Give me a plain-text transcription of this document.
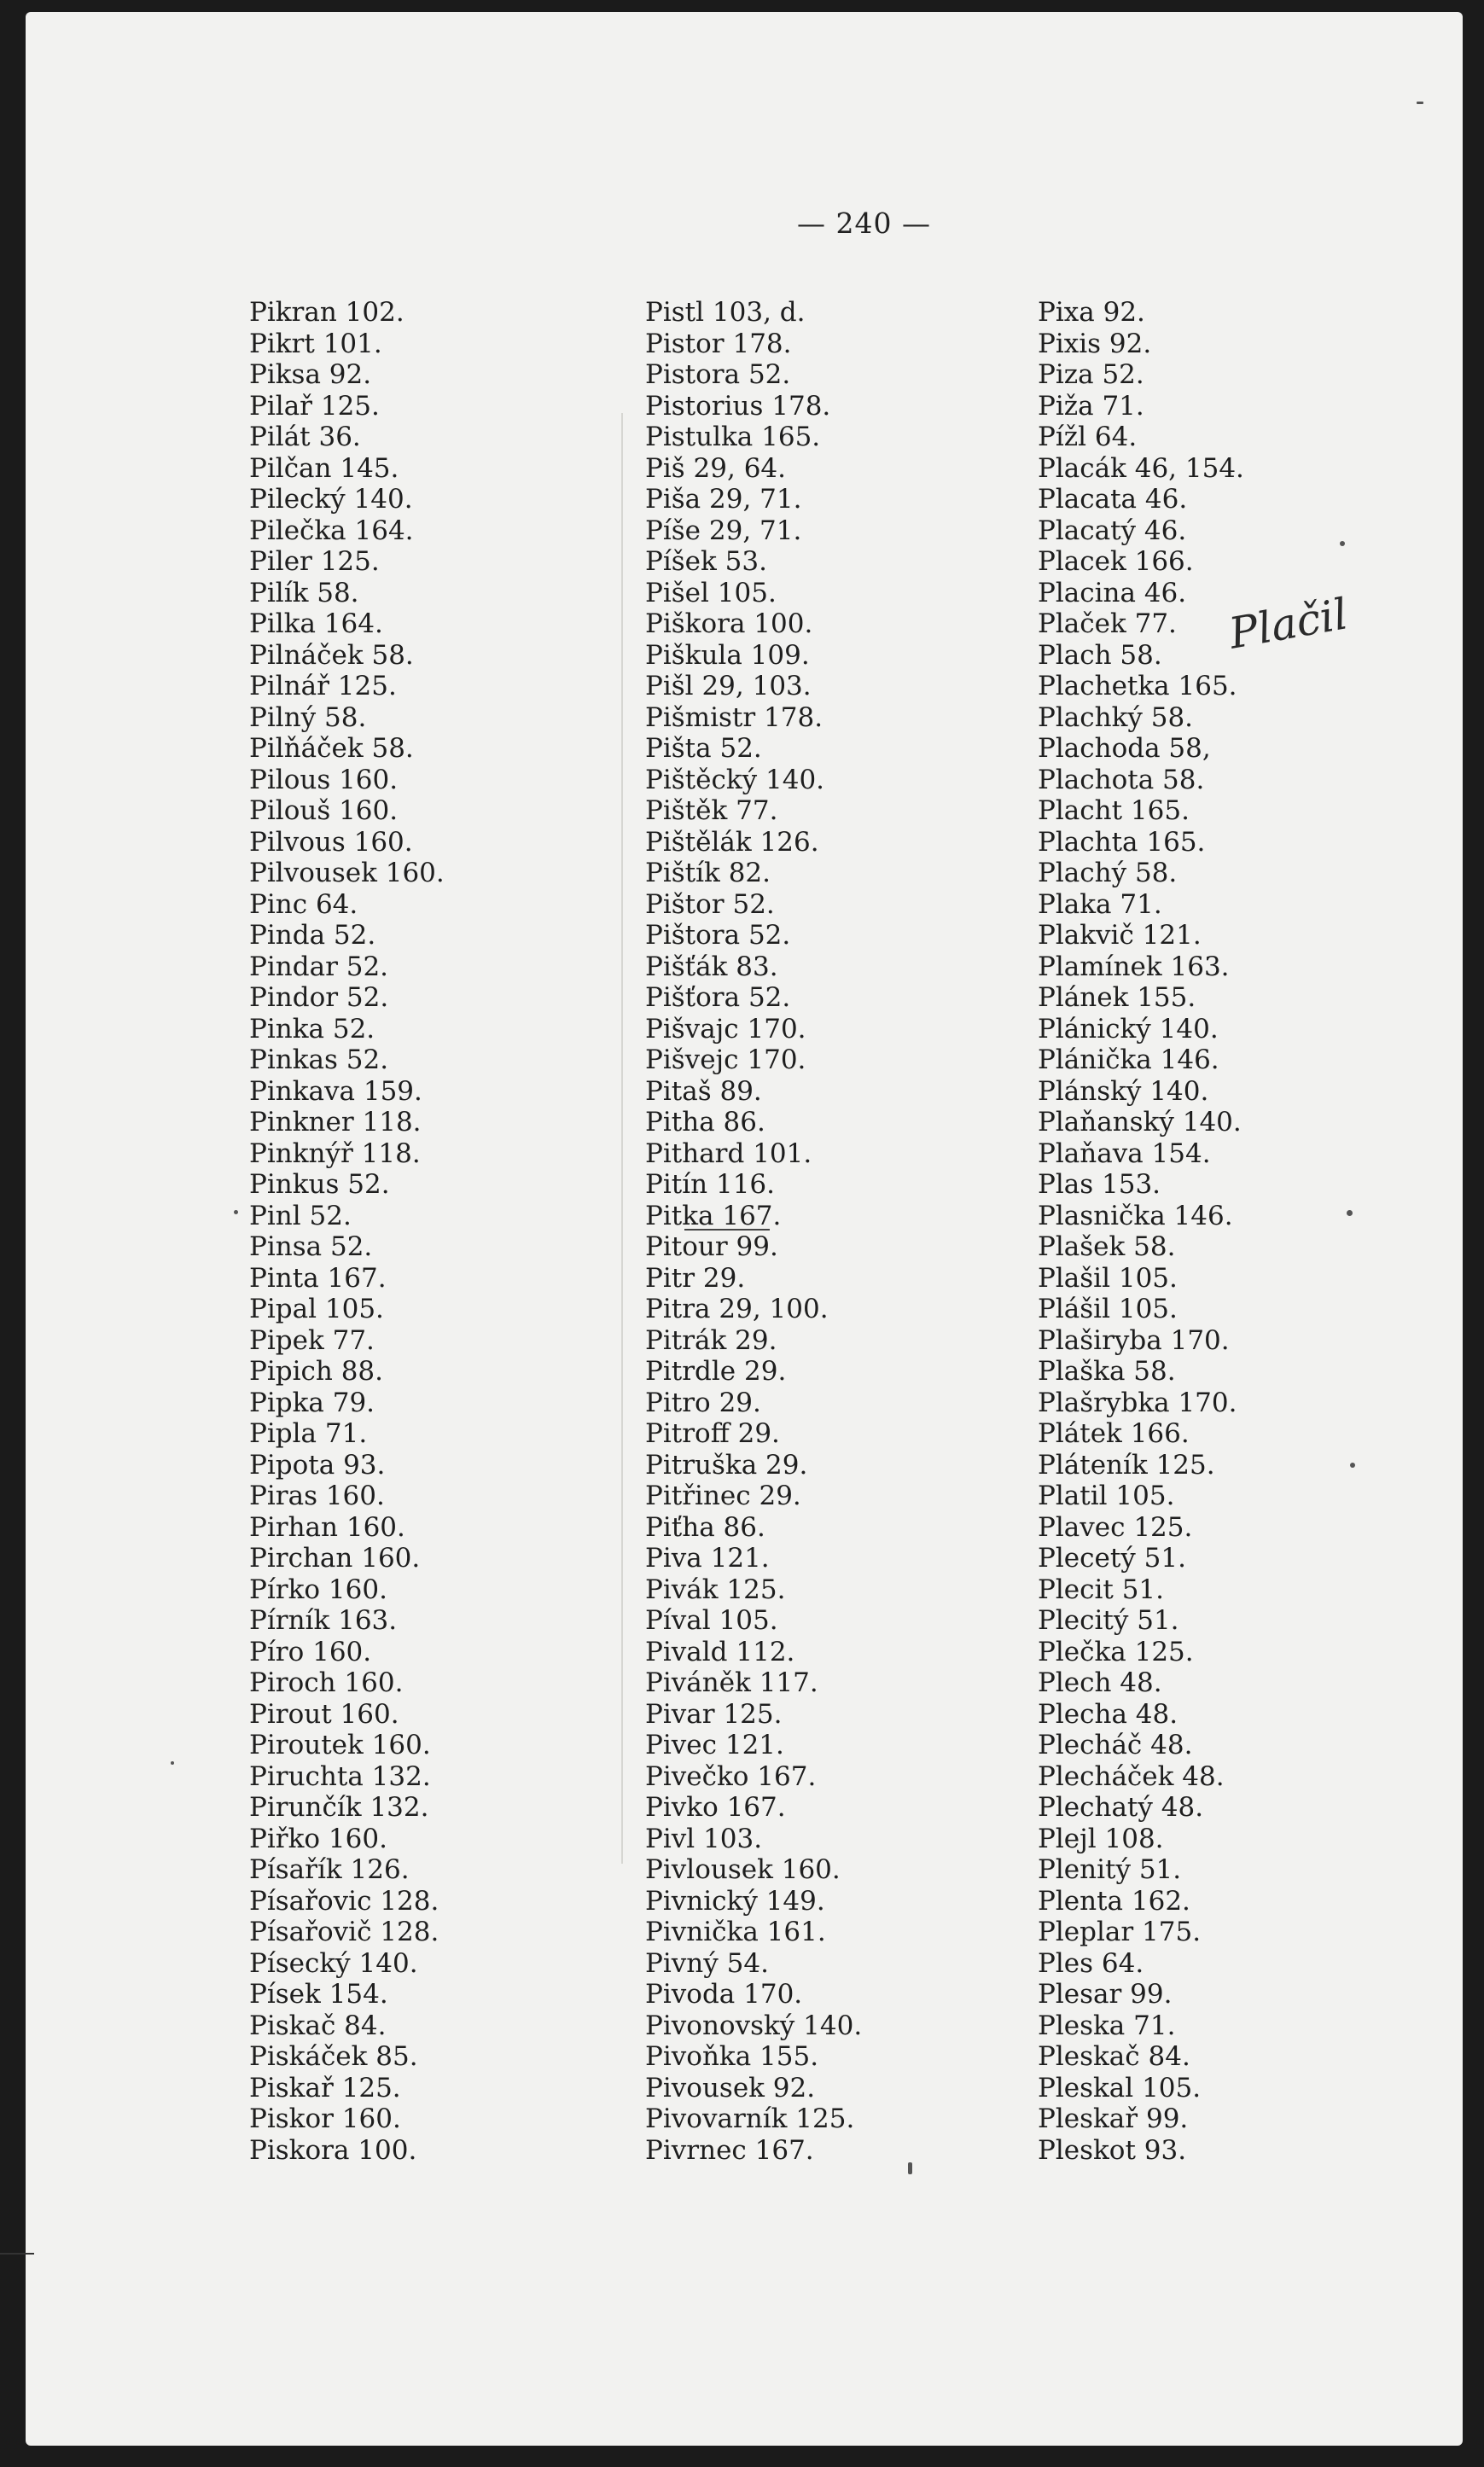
— 240 —
Pikran 102.
Pikrt 101.
Piksa 92.
Pilař 125.
Pilát 36.
Pilčan 145.
Pilecký 140.
Pilečka 164.
Piler 125.
Pilík 58.
Pilka 164.
Pilnáček 58.
Pilnář 125.
Pilný 58.
Pilňáček 58.
Pilous 160.
Pilouš 160.
Pilvous 160.
Pilvousek 160.
Pinc 64.
Pinda 52.
Pindar 52.
Pindor 52.
Pinka 52.
Pinkas 52.
Pinkava 159.
Pinkner 118.
Pinknýř 118.
Pinkus 52.
Pinl 52.
Pinsa 52.
Pinta 167.
Pipal 105.
Pipek 77.
Pipich 88.
Pipka 79.
Pipla 71.
Pipota 93.
Piras 160.
Pirhan 160.
Pirchan 160.
Pírko 160.
Pírník 163.
Píro 160.
Piroch 160.
Pirout 160.
Piroutek 160.
Piruchta 132.
Pirunčík 132.
Piřko 160.
Písařík 126.
Písařovic 128.
Písařovič 128.
Písecký 140.
Písek 154.
Piskač 84.
Piskáček 85.
Piskař 125.
Piskor 160.
Piskora 100.
Pistl 103, d.
Pistor 178.
Pistora 52.
Pistorius 178.
Pistulka 165.
Piš 29, 64.
Piša 29, 71.
Píše 29, 71.
Píšek 53.
Pišel 105.
Piškora 100.
Piškula 109.
Pišl 29, 103.
Pišmistr 178.
Pišta 52.
Pištěcký 140.
Pištěk 77.
Pištělák 126.
Pištík 82.
Pištor 52.
Pištora 52.
Pišťák 83.
Pišťora 52.
Pišvajc 170.
Pišvejc 170.
Pitaš 89.
Pitha 86.
Pithard 101.
Pitín 116.
Pitka 167.
Pitour 99.
Pitr 29.
Pitra 29, 100.
Pitrák 29.
Pitrdle 29.
Pitro 29.
Pitroff 29.
Pitruška 29.
Pitřinec 29.
Piťha 86.
Piva 121.
Pivák 125.
Píval 105.
Pivald 112.
Piváněk 117.
Pivar 125.
Pivec 121.
Pivečko 167.
Pivko 167.
Pivl 103.
Pivlousek 160.
Pivnický 149.
Pivnička 161.
Pivný 54.
Pivoda 170.
Pivonovský 140.
Pivoňka 155.
Pivousek 92.
Pivovarník 125.
Pivrnec 167.
Pixa 92.
Pixis 92.
Piza 52.
Piža 71.
Pížl 64.
Placák 46, 154.
Placata 46.
Placatý 46.
Placek 166.
Placina 46.
Plaček 77.
Plach 58.
Plachetka 165.
Plachký 58.
Plachoda 58,
Plachota 58.
Placht 165.
Plachta 165.
Plachý 58.
Plaka 71.
Plakvič 121.
Plamínek 163.
Plánek 155.
Plánický 140.
Plánička 146.
Plánský 140.
Plaňanský 140.
Plaňava 154.
Plas 153.
Plasnička 146.
Plašek 58.
Plašil 105.
Plášil 105.
Plaširyba 170.
Plaška 58.
Plašrybka 170.
Plátek 166.
Pláteník 125.
Platil 105.
Plavec 125.
Plecetý 51.
Plecit 51.
Plecitý 51.
Plečka 125.
Plech 48.
Plecha 48.
Plecháč 48.
Plecháček 48.
Plechatý 48.
Plejl 108.
Plenitý 51.
Plenta 162.
Pleplar 175.
Ples 64.
Plesar 99.
Pleska 71.
Pleskač 84.
Pleskal 105.
Pleskař 99.
Pleskot 93.
Plačil
